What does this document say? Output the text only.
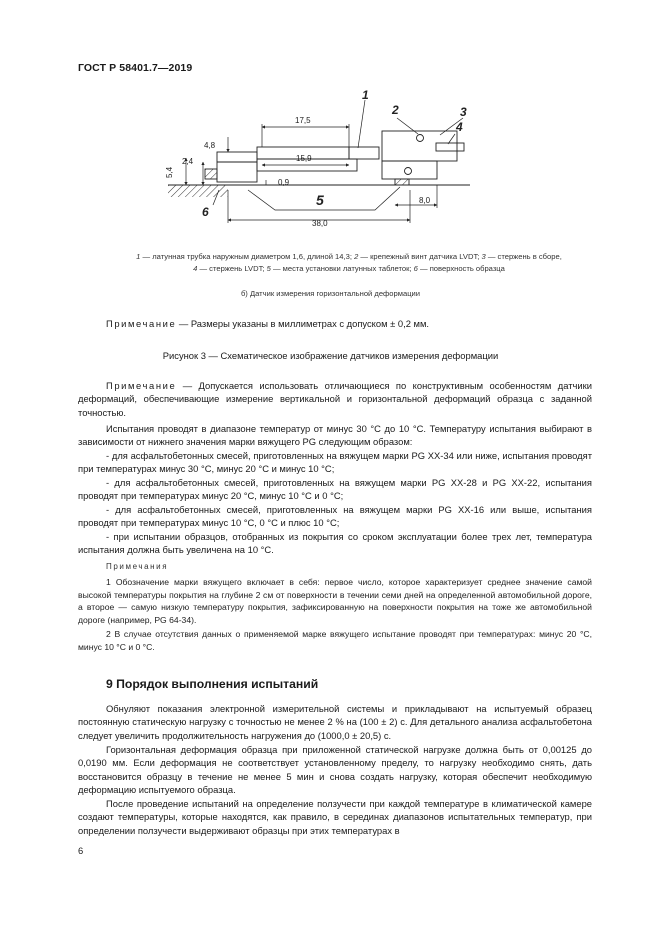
ГОСТ Р 58401.7—2019
17,5
15,9
4,8
2,4
5,4
0,9
38,0
8,0
1
2	3
4
5
6
1 — латунная трубка наружным диаметром 1,6, длиной 14,3; 2 — крепежный винт датчика LVDT; 3 — стержень в сборе,
4 — стержень LVDT; 5 — места установки латунных таблеток; 6 — поверхность образца
б) Датчик измерения горизонтальной деформации
Примечание — Размеры указаны в миллиметрах с допуском ± 0,2 мм.
Рисунок 3 — Схематическое изображение датчиков измерения деформации
Примечание — Допускается использовать отличающиеся по конструктивным особенностям датчики деформаций, обеспечивающие измерение вертикальной и горизонтальной деформаций образца с заданной точностью.
Испытания проводят в диапазоне температур от минус 30 °С до 10 °С. Температуру испытания выбирают в зависимости от нижнего значения марки вяжущего PG следующим образом:
- для асфальтобетонных смесей, приготовленных на вяжущем марки PG XX-34 или ниже, испытания проводят при температурах минус 30 °С, минус 20 °С и минус 10 °С;
- для асфальтобетонных смесей, приготовленных на вяжущем марки PG XX-28 и PG XX-22, испытания проводят при температурах минус 20 °С, минус 10 °С и 0 °С;
- для асфальтобетонных смесей, приготовленных на вяжущем марки PG XX-16 или выше, испытания проводят при температурах минус 10 °С, 0 °С и плюс 10 °С;
- при испытании образцов, отобранных из покрытия со сроком эксплуатации более трех лет, температура испытания должна быть увеличена на 10 °С.
Примечания
1 Обозначение марки вяжущего включает в себя: первое число, которое характеризует среднее значение самой высокой температуры покрытия на глубине 2 см от поверхности в течении семи дней на определенной автомобильной дороге, а второе — самую низкую температуру покрытия, зафиксированную на поверхности покрытия на тоже же автомобильной дороге (например, PG 64-34).
2 В случае отсутствия данных о применяемой марке вяжущего испытание проводят при температурах: минус 20 °С, минус 10 °С и 0 °С.
9 Порядок выполнения испытаний
Обнуляют показания электронной измерительной системы и прикладывают на испытуемый образец постоянную статическую нагрузку с точностью не менее 2 % на (100 ± 2) с. Для детального анализа асфальтобетона следует увеличить продолжительность нагружения до (1000,0 ± 20,5) с.
Горизонтальная деформация образца при приложенной статической нагрузке должна быть от 0,00125 до 0,0190 мм. Если деформация не соответствует установленному пределу, то нагрузку необходимо снять, дать восстановится образцу в течение не менее 5 мин и снова создать нагрузку, которая обеспечит необходимую деформацию испытуемого образца.
После проведение испытаний на определение ползучести при каждой температуре в климатической камере создают температуры, которые находятся, как правило, в серединах диапазонов испытательных температур, при определении ползучести выдерживают образцы при этих температурах в
6
